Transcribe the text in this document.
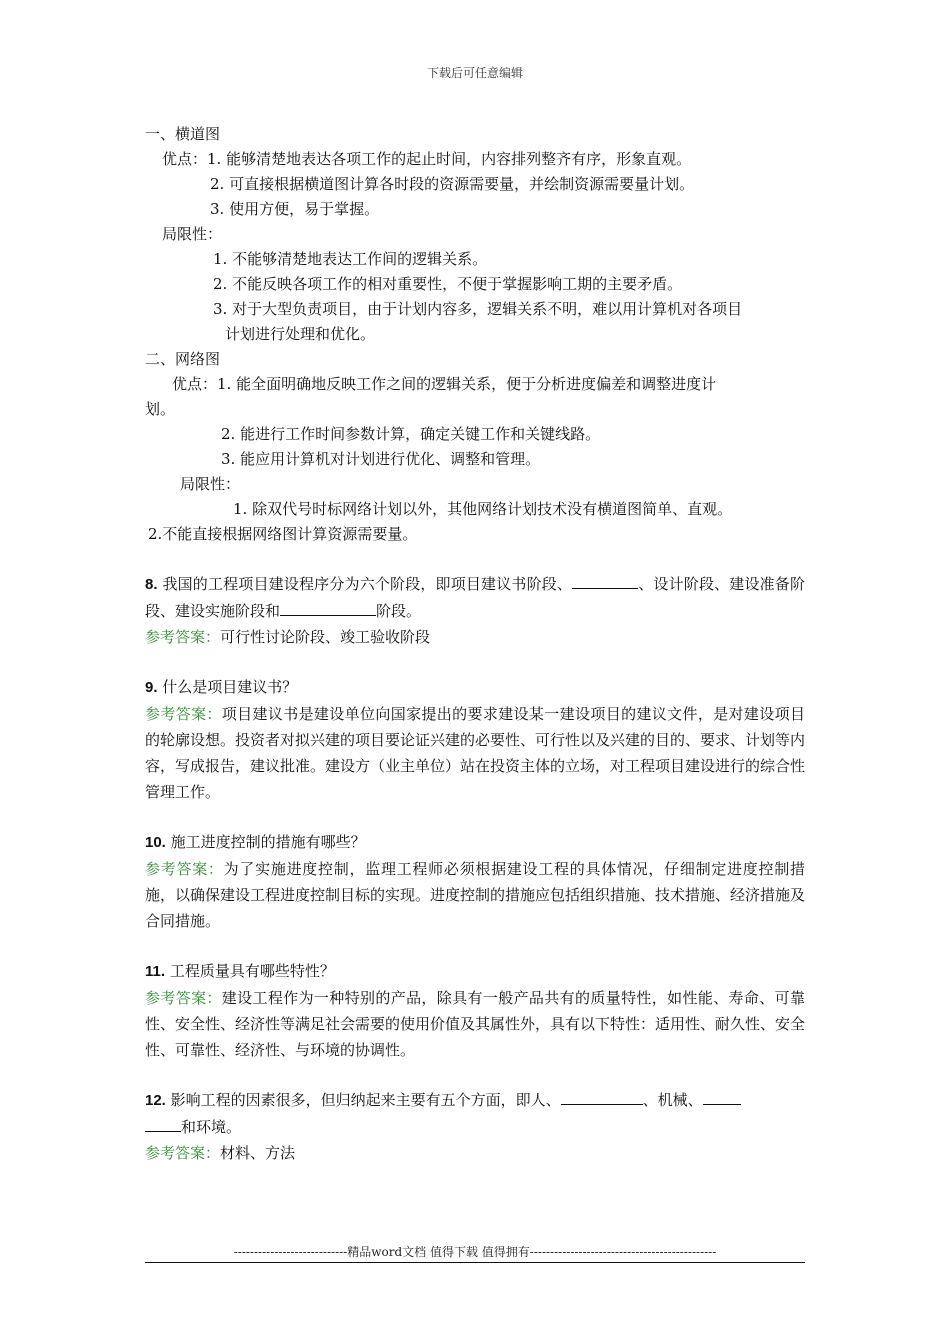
下载后可任意编辑
一、横道图
优点：1. 能够清楚地表达各项工作的起止时间，内容排列整齐有序，形象直观。
2. 可直接根据横道图计算各时段的资源需要量，并绘制资源需要量计划。
3. 使用方便，易于掌握。
局限性：
1. 不能够清楚地表达工作间的逻辑关系。
2. 不能反映各项工作的相对重要性，不便于掌握影响工期的主要矛盾。
3. 对于大型负责项目，由于计划内容多，逻辑关系不明，难以用计算机对各项目
计划进行处理和优化。
二、网络图
优点：1. 能全面明确地反映工作之间的逻辑关系，便于分析进度偏差和调整进度计
划。
2. 能进行工作时间参数计算，确定关键工作和关键线路。
3. 能应用计算机对计划进行优化、调整和管理。
局限性：
1. 除双代号时标网络计划以外，其他网络计划技术没有横道图简单、直观。
2.不能直接根据网络图计算资源需要量。
8. 我国的工程项目建设程序分为六个阶段，即项目建议书阶段、	、设计阶段、建设准备阶段、建设实施阶段和	阶段。
参考答案：可行性讨论阶段、竣工验收阶段
9. 什么是项目建议书？
参考答案：项目建议书是建设单位向国家提出的要求建设某一建设项目的建议文件，是对建设项目的轮廓设想。投资者对拟兴建的项目要论证兴建的必要性、可行性以及兴建的目的、要求、计划等内容，写成报告，建议批准。建设方（业主单位）站在投资主体的立场，对工程项目建设进行的综合性管理工作。
10. 施工进度控制的措施有哪些？
参考答案：为了实施进度控制，监理工程师必须根据建设工程的具体情况，仔细制定进度控制措施，以确保建设工程进度控制目标的实现。进度控制的措施应包括组织措施、技术措施、经济措施及合同措施。
11. 工程质量具有哪些特性？
参考答案：建设工程作为一种特别的产品，除具有一般产品共有的质量特性，如性能、寿命、可靠性、安全性、经济性等满足社会需要的使用价值及其属性外，具有以下特性：适用性、耐久性、安全性、可靠性、经济性、与环境的协调性。
12. 影响工程的因素很多，但归纳起来主要有五个方面，即人、	、机械、
和环境。
参考答案：材料、方法
----------------------------精品word文档 值得下载 值得拥有----------------------------------------------
